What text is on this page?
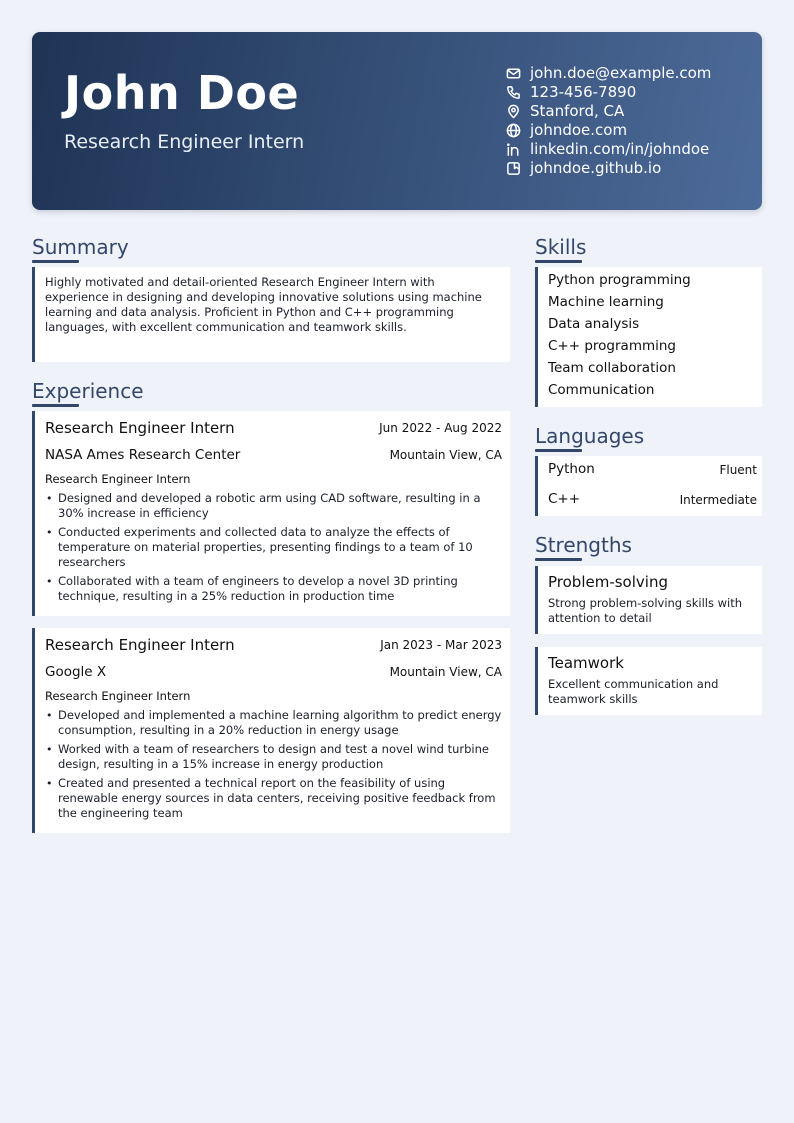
John Doe
Research Engineer Intern
john.doe@example.com
123-456-7890
Stanford, CA
johndoe.com
linkedin.com/in/johndoe
johndoe.github.io
Summary
Highly motivated and detail-oriented Research Engineer Intern with experience in designing and developing innovative solutions using machine learning and data analysis. Proficient in Python and C++ programming languages, with excellent communication and teamwork skills.
Experience
Research Engineer Intern	Jun 2022 - Aug 2022
NASA Ames Research Center	Mountain View, CA
Research Engineer Intern
• Designed and developed a robotic arm using CAD software, resulting in a 30% increase in efficiency
• Conducted experiments and collected data to analyze the effects of temperature on material properties, presenting findings to a team of 10 researchers
• Collaborated with a team of engineers to develop a novel 3D printing technique, resulting in a 25% reduction in production time
Research Engineer Intern	Jan 2023 - Mar 2023
Google X	Mountain View, CA
Research Engineer Intern
• Developed and implemented a machine learning algorithm to predict energy consumption, resulting in a 20% reduction in energy usage
• Worked with a team of researchers to design and test a novel wind turbine design, resulting in a 15% increase in energy production
• Created and presented a technical report on the feasibility of using renewable energy sources in data centers, receiving positive feedback from the engineering team
Skills
Python programming
Machine learning
Data analysis
C++ programming
Team collaboration
Communication
Languages
Python	Fluent
C++	Intermediate
Strengths
Problem-solving
Strong problem-solving skills with attention to detail
Teamwork
Excellent communication and teamwork skills
